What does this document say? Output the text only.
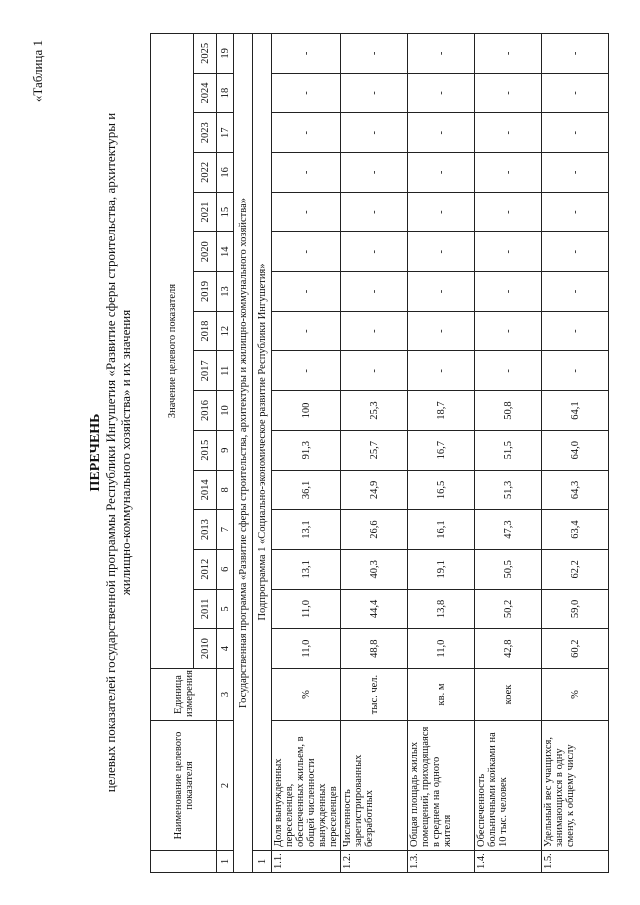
«Таблица 1
ПЕРЕЧЕНЬ целевых показателей государственной программы Республики Ингушетия «Развитие сферы строительства, архитектуры и жилищно-коммунального хозяйства» и их значения
	Наименование целевого показателя	Единица измерения	Значение целевого показателя															
			2010	2011	2012	2013	2014	2015	2016	2017	2018	2019	2020	2021	2022	2023	2024	2025
1	2	3	4	5	6	7	8	9	10	11	12	13	14	15	16	17	18	19
Государственная программа «Развитие сферы строительства, архитектуры и жилищно-коммунального хозяйства»																		
1	Подпрограмма 1 «Социально-экономическое развитие Республики Ингушетия»																	
1.1.	Доля вынужденных переселенцев, обеспеченных жильем, в общей численности вынужденных переселенцев	%	11,0	11,0	13,1	13,1	36,1	91,3	100	-	-	-	-	-	-	-	-	-
1.2.	Численность зарегистрированных безработных	тыс. чел.	48,8	44,4	40,3	26,6	24,9	25,7	25,3	-	-	-	-	-	-	-	-	-
1.3.	Общая площадь жилых помещений, приходящаяся в среднем на одного жителя	кв. м	11,0	13,8	19,1	16,1	16,5	16,7	18,7	-	-	-	-	-	-	-	-	-
1.4.	Обеспеченность больничными койками на 10 тыс. человек	коек	42,8	50,2	50,5	47,3	51,3	51,5	50,8	-	-	-	-	-	-	-	-	-
1.5.	Удельный вес учащихся, занимающихся в одну смену, к общему числу	%	60,2	59,0	62,2	63,4	64,3	64,0	64,1	-	-	-	-	-	-	-	-	-
